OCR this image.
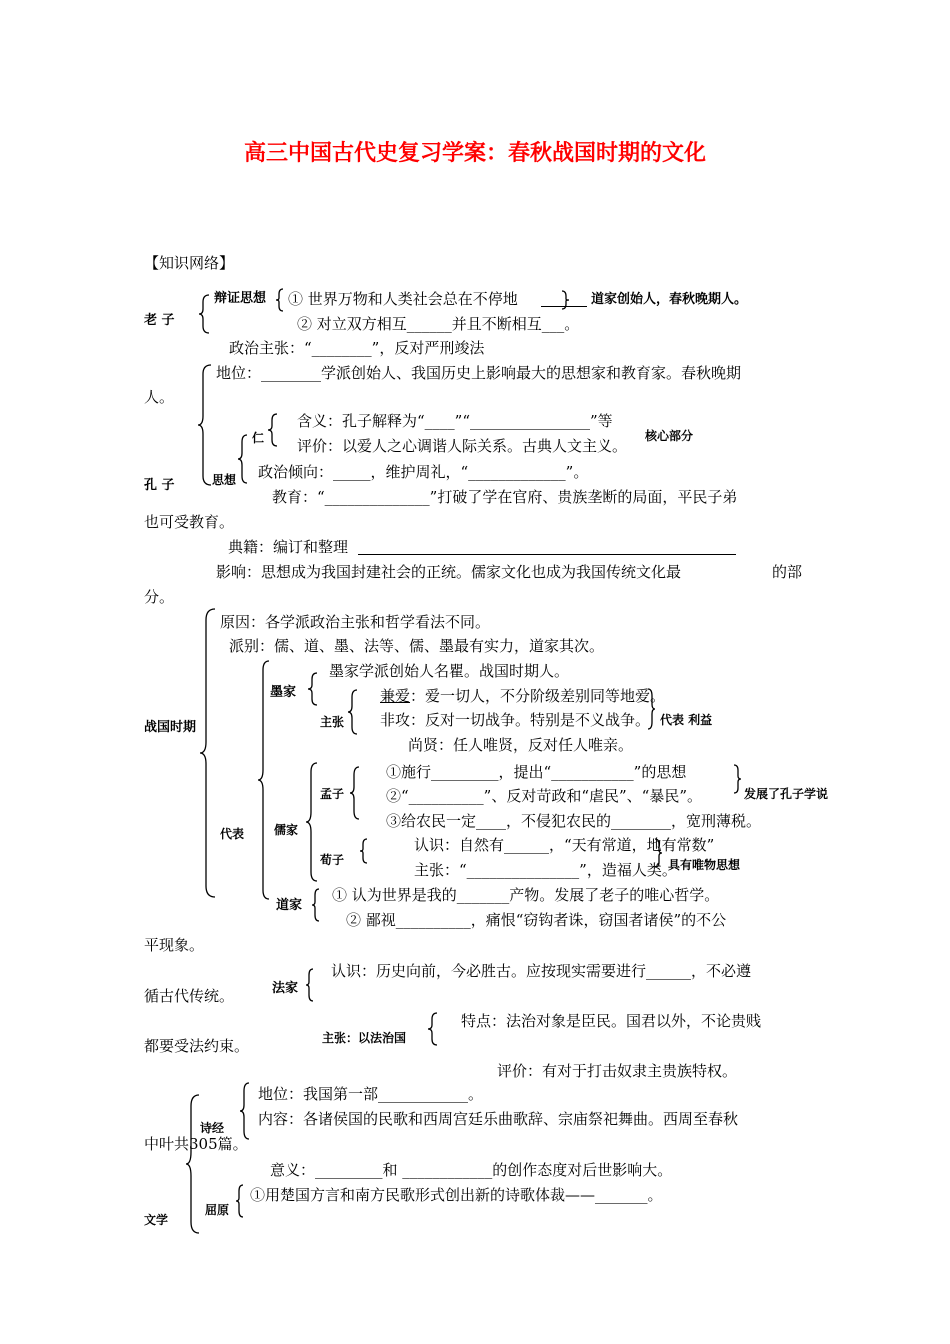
高三中国古代史复习学案：春秋战国时期的文化
【知识网络】
老 子
辩证思想 ① 世界万物和人类社会总在不停地	道家创始人，春秋晚期人。
② 对立双方相互______并且不断相互___。
政治主张：“________”，反对严刑竣法
孔 子
地位：________学派创始人、我国历史上影响最大的思想家和教育家。春秋晚期
人。
思想
仁
含义：孔子解释为“____”“________________”等
核心部分
评价：以爱人之心调谐人际关系。古典人文主义。
政治倾向：_____，维护周礼，“_____________”。
教育：“______________”打破了学在官府、贵族垄断的局面，平民子弟
也可受教育。
典籍：编订和整理
影响：思想成为我国封建社会的正统。儒家文化也成为我国传统文化最	的部
分。
战国时期
原因：各学派政治主张和哲学看法不同。
派别：儒、道、墨、法等、儒、墨最有实力，道家其次。
墨家
墨家学派创始人名瞿。战国时期人。
主张
兼爱：爱一切人，不分阶级差别同等地爱。
非攻：反对一切战争。特别是不义战争。 代表 利益
尚贤：任人唯贤，反对任人唯亲。
儒家
代表
孟子
①施行_________，提出“___________”的思想
发展了孔子学说
②“__________”、反对苛政和“虐民”、“暴民”。
③给农民一定____，不侵犯农民的________，宽刑薄税。
荀子
认识：自然有______，“天有常道，地有常数”
主张：“_______________”，造福人类。
具有唯物思想
道家
① 认为世界是我的_______产物。发展了老子的唯心哲学。
② 鄙视__________，痛恨“窃钩者诛，窃国者诸侯”的不公
平现象。
法家
认识：历史向前，今必胜古。应按现实需要进行______，不必遵
循古代传统。
主张：以法治国
特点：法治对象是臣民。国君以外，不论贵贱
都要受法约束。
评价：有对于打击奴隶主贵族特权。
文学
诗经
地位：我国第一部____________。
内容：各诸侯国的民歌和西周宫廷乐曲歌辞、宗庙祭祀舞曲。西周至春秋
中叶共305篇。
意义：_________和 ____________的创作态度对后世影响大。
屈原
①用楚国方言和南方民歌形式创出新的诗歌体裁——_______。
